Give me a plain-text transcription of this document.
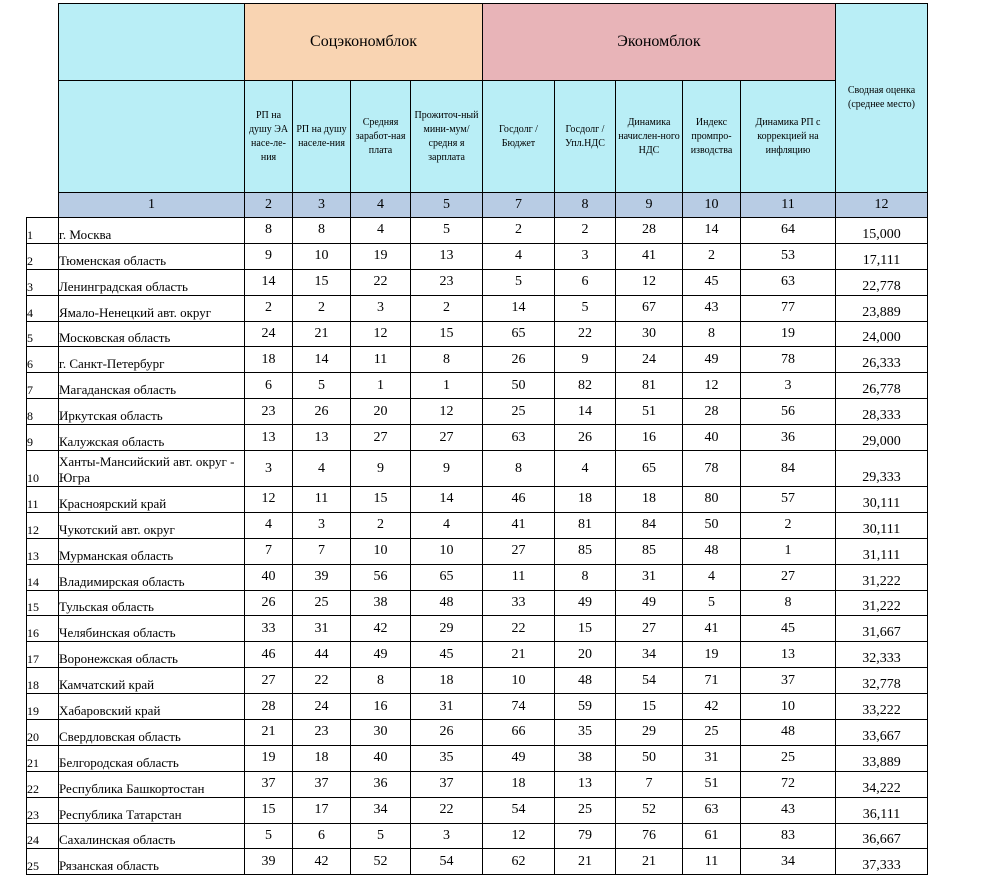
		Соцэкономблок				Экономблок					Сводная оценка (среднее место)
		РП на душу ЭА насе-ле-ния	РП на душу населе-ния	Средняя заработ-ная плата	Прожиточ-ный мини-мум/средня я зарплата	Госдолг / Бюджет	Госдолг / Упл.НДС	Динамика начислен-ного НДС	Индекс промпро-изводства	Динамика РП с коррекцией на инфляцию	
	1	2	3	4	5	7	8	9	10	11	12
1	г. Москва	8	8	4	5	2	2	28	14	64	15,000
2	Тюменская область	9	10	19	13	4	3	41	2	53	17,111
3	Ленинградская область	14	15	22	23	5	6	12	45	63	22,778
4	Ямало-Ненецкий авт. округ	2	2	3	2	14	5	67	43	77	23,889
5	Московская область	24	21	12	15	65	22	30	8	19	24,000
6	г. Санкт-Петербург	18	14	11	8	26	9	24	49	78	26,333
7	Магаданская область	6	5	1	1	50	82	81	12	3	26,778
8	Иркутская область	23	26	20	12	25	14	51	28	56	28,333
9	Калужская область	13	13	27	27	63	26	16	40	36	29,000
10	Ханты-Мансийский авт. округ - Югра	3	4	9	9	8	4	65	78	84	29,333
11	Красноярский край	12	11	15	14	46	18	18	80	57	30,111
12	Чукотский авт. округ	4	3	2	4	41	81	84	50	2	30,111
13	Мурманская область	7	7	10	10	27	85	85	48	1	31,111
14	Владимирская область	40	39	56	65	11	8	31	4	27	31,222
15	Тульская область	26	25	38	48	33	49	49	5	8	31,222
16	Челябинская область	33	31	42	29	22	15	27	41	45	31,667
17	Воронежская область	46	44	49	45	21	20	34	19	13	32,333
18	Камчатский край	27	22	8	18	10	48	54	71	37	32,778
19	Хабаровский край	28	24	16	31	74	59	15	42	10	33,222
20	Свердловская область	21	23	30	26	66	35	29	25	48	33,667
21	Белгородская область	19	18	40	35	49	38	50	31	25	33,889
22	Республика Башкортостан	37	37	36	37	18	13	7	51	72	34,222
23	Республика Татарстан	15	17	34	22	54	25	52	63	43	36,111
24	Сахалинская область	5	6	5	3	12	79	76	61	83	36,667
25	Рязанская область	39	42	52	54	62	21	21	11	34	37,333
